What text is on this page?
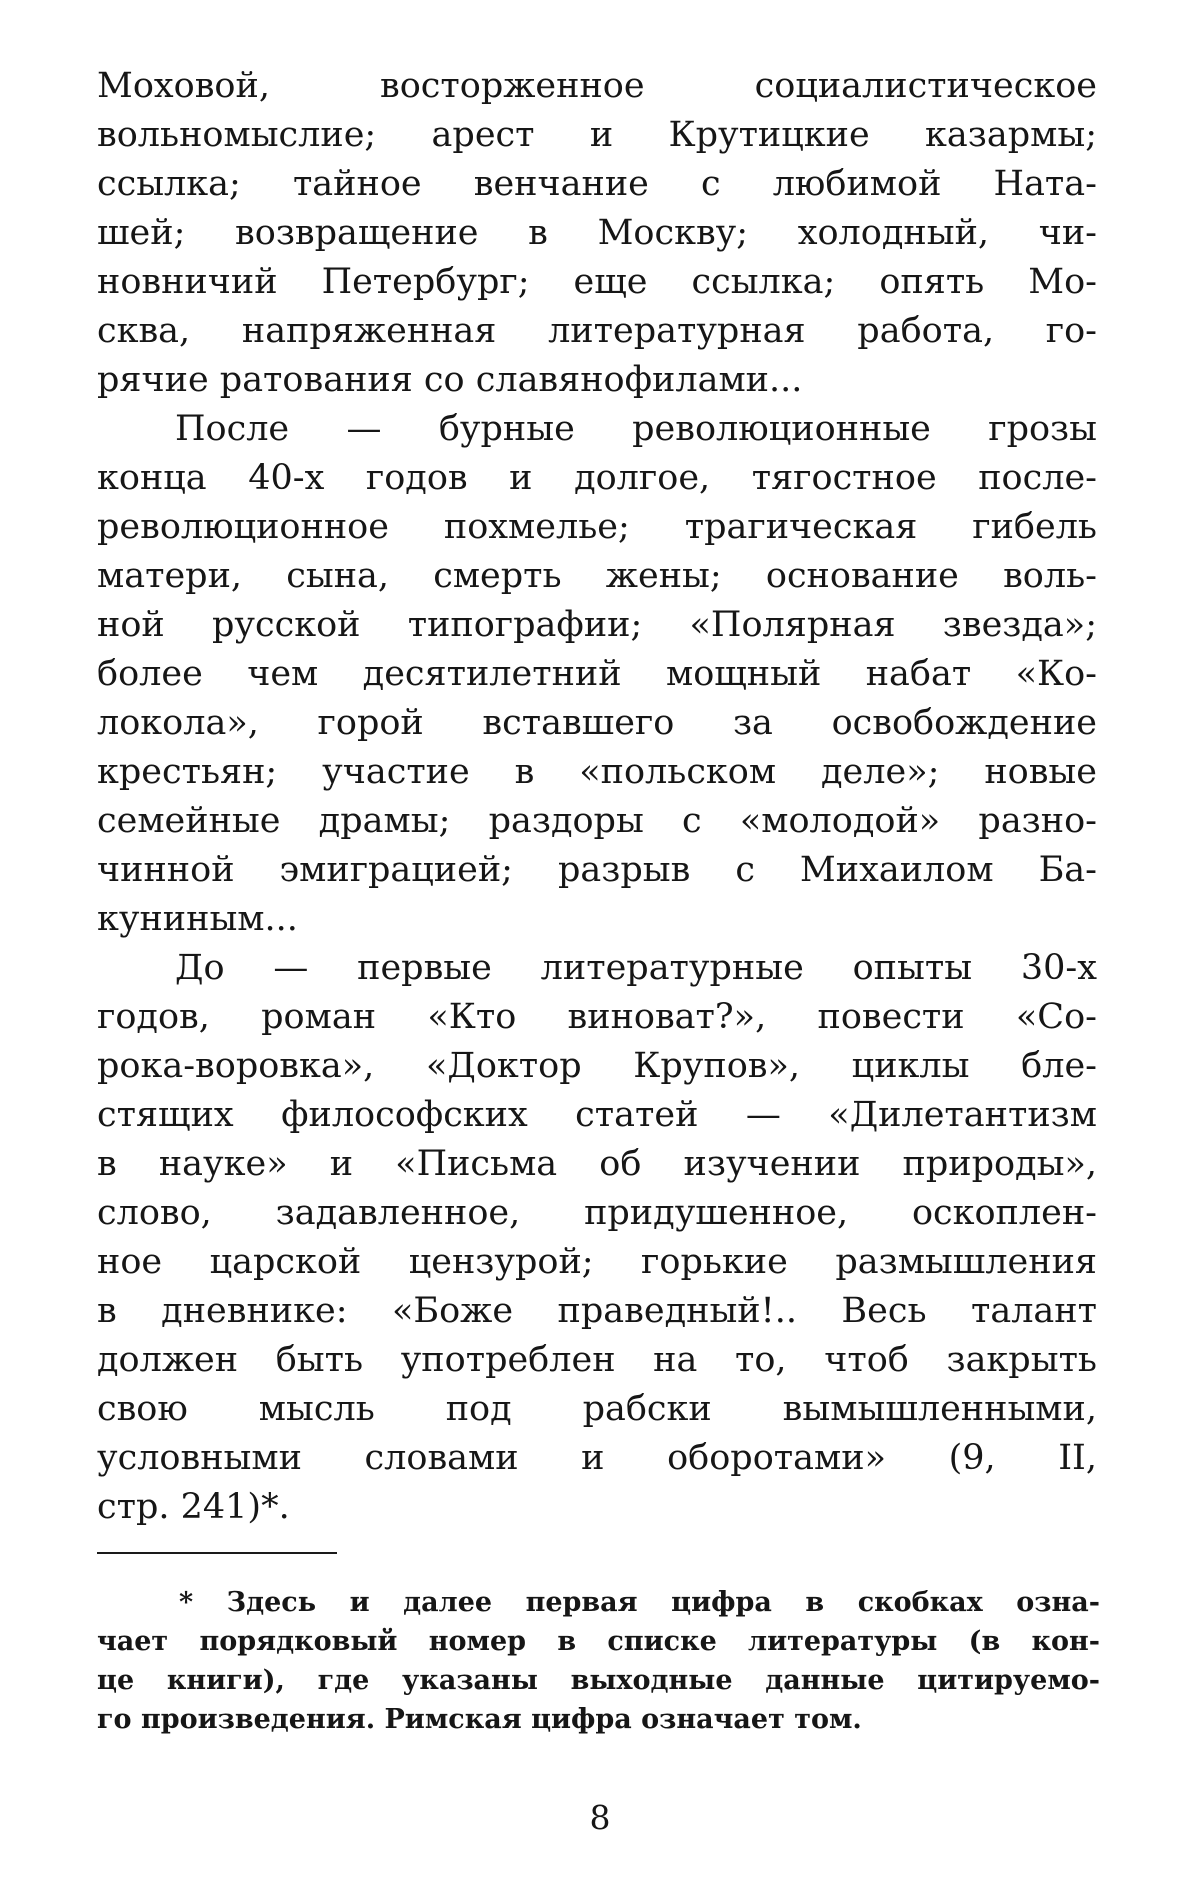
Моховой, восторженное социалистическое
вольномыслие; арест и Крутицкие казармы;
ссылка; тайное венчание с любимой Ната-
шей; возвращение в Москву; холодный, чи-
новничий Петербург; еще ссылка; опять Мо-
сква, напряженная литературная работа, го-
рячие ратования со славянофилами...
После — бурные революционные грозы
конца 40-х годов и долгое, тягостное после-
революционное похмелье; трагическая гибель
матери, сына, смерть жены; основание воль-
ной русской типографии; «Полярная звезда»;
более чем десятилетний мощный набат «Ко-
локола», горой вставшего за освобождение
крестьян; участие в «польском деле»; новые
семейные драмы; раздоры с «молодой» разно-
чинной эмиграцией; разрыв с Михаилом Ба-
куниным...
До — первые литературные опыты 30-х
годов, роман «Кто виноват?», повести «Со-
рока-воровка», «Доктор Крупов», циклы бле-
стящих философских статей — «Дилетантизм
в науке» и «Письма об изучении природы»,
слово, задавленное, придушенное, оскоплен-
ное царской цензурой; горькие размышления
в дневнике: «Боже праведный!.. Весь талант
должен быть употреблен на то, чтоб закрыть
свою мысль под рабски вымышленными,
условными словами и оборотами» (9, II,
стр. 241)*.
* Здесь и далее первая цифра в скобках озна-
чает порядковый номер в списке литературы (в кон-
це книги), где указаны выходные данные цитируемо-
го произведения. Римская цифра означает том.
8
